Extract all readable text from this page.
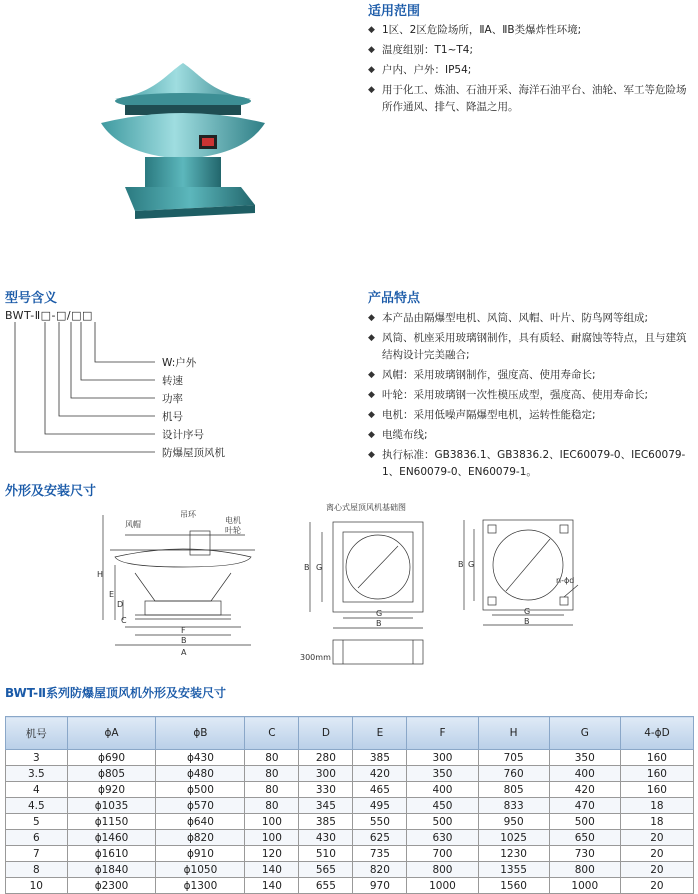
适用范围
◆ 1区、2区危险场所，ⅡA、ⅡB类爆炸性环境;
◆ 温度组别：T1~T4;
◆ 户内、户外：IP54;
◆ 用于化工、炼油、石油开采、海洋石油平台、油轮、军工等危险场所作通风、排气、降温之用。
型号含义
BWT-Ⅱ□-□/□□
W:户外
转速
功率
机号
设计序号
防爆屋顶风机
产品特点
◆ 本产品由隔爆型电机、风筒、风帽、叶片、防鸟网等组成;
◆ 风筒、机座采用玻璃钢制作，具有质轻、耐腐蚀等特点，且与建筑结构设计完美融合;
◆ 风帽：采用玻璃钢制作，强度高、使用寿命长;
◆ 叶轮：采用玻璃钢一次性模压成型，强度高、使用寿命长;
◆ 电机：采用低噪声隔爆型电机，运转性能稳定;
◆ 电缆布线;
◆ 执行标准：GB3836.1、GB3836.2、IEC60079-0、IEC60079-1、EN60079-0、EN60079-1。
外形及安装尺寸
吊环
风帽	电机
叶轮
H
E
D
C
F
B
A
离心式屋顶风机基础图
B G
G
B
300mm
B G
G
B
n-ϕd
BWT-Ⅱ系列防爆屋顶风机外形及安装尺寸
机号	ϕA	ϕB	C	D	E	F	H	G	4-ϕD
3	ϕ690	ϕ430	80	280	385	300	705	350	160
3.5	ϕ805	ϕ480	80	300	420	350	760	400	160
4	ϕ920	ϕ500	80	330	465	400	805	420	160
4.5	ϕ1035	ϕ570	80	345	495	450	833	470	18
5	ϕ1150	ϕ640	100	385	550	500	950	500	18
6	ϕ1460	ϕ820	100	430	625	630	1025	650	20
7	ϕ1610	ϕ910	120	510	735	700	1230	730	20
8	ϕ1840	ϕ1050	140	565	820	800	1355	800	20
10	ϕ2300	ϕ1300	140	655	970	1000	1560	1000	20
